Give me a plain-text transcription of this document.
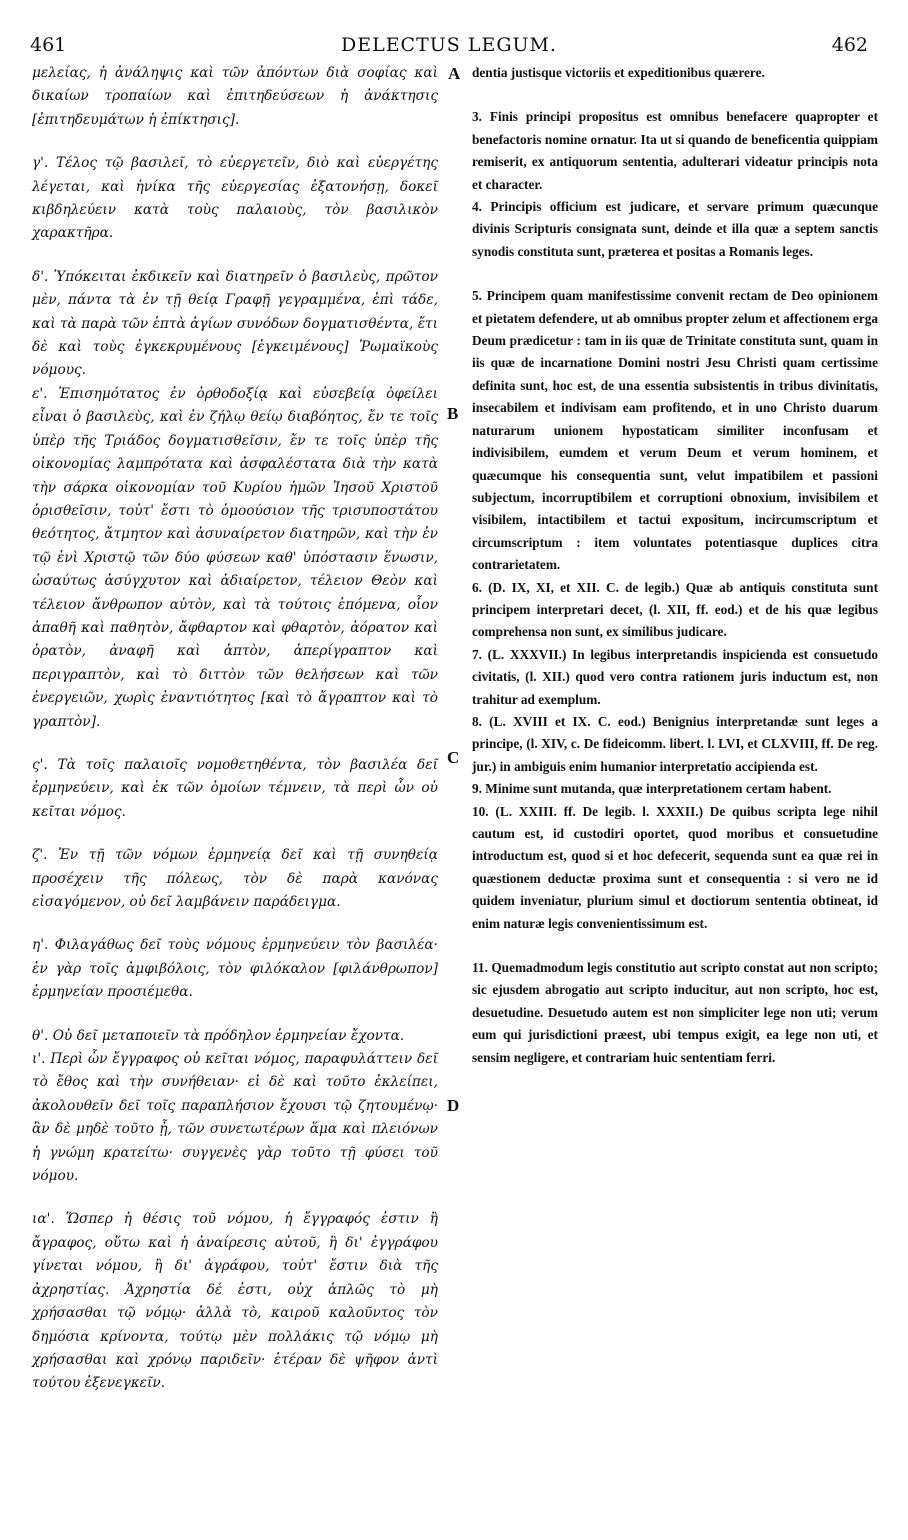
461	DELECTUS LEGUM.	462

μελείας, ἡ ἀνάληψις καὶ τῶν ἀπόντων διὰ σοφίας καὶ δικαίων τροπαίων καὶ ἐπιτηδεύσεων ἡ ἀνάκτησις [ἐπιτηδευμάτων ἡ ἐπίκτησις].

γ'. Τέλος τῷ βασιλεῖ, τὸ εὐεργετεῖν, διὸ καὶ εὐεργέτης λέγεται, καὶ ἡνίκα τῆς εὐεργεσίας ἐξατονήσῃ, δοκεῖ κιβδηλεύειν κατὰ τοὺς παλαιοὺς, τὸν βασιλικὸν χαρακτῆρα.

δ'. Ὑπόκειται ἐκδικεῖν καὶ διατηρεῖν ὁ βασιλεὺς, πρῶτον μὲν, πάντα τὰ ἐν τῇ θείᾳ Γραφῇ γεγραμμένα, ἐπὶ τάδε, καὶ τὰ παρὰ τῶν ἑπτὰ ἁγίων συνόδων δογματισθέντα, ἔτι δὲ καὶ τοὺς ἐγκεκρυμένους [ἐγκειμένους] Ῥωμαϊκοὺς νόμους.

ε'. Ἐπισημότατος ἐν ὀρθοδοξίᾳ καὶ εὐσεβείᾳ ὀφείλει εἶναι ὁ βασιλεὺς, καὶ ἐν ζήλῳ θείῳ διαβόητος, ἔν τε τοῖς ὑπὲρ τῆς Τριάδος δογματισθεῖσιν, ἔν τε τοῖς ὑπὲρ τῆς οἰκονομίας λαμπρότατα καὶ ἀσφαλέστατα διὰ τὴν κατὰ τὴν σάρκα οἰκονομίαν τοῦ Κυρίου ἡμῶν Ἰησοῦ Χριστοῦ ὁρισθεῖσιν, τοὐτ' ἔστι τὸ ὁμοούσιον τῆς τρισυποστάτου θεότητος, ἄτμητον καὶ ἀσυναίρετον διατηρῶν, καὶ τὴν ἐν τῷ ἑνὶ Χριστῷ τῶν δύο φύσεων καθ' ὑπόστασιν ἕνωσιν, ὡσαύτως ἀσύγχυτον καὶ ἀδιαίρετον, τέλειον Θεὸν καὶ τέλειον ἄνθρωπον αὐτὸν, καὶ τὰ τούτοις ἑπόμενα, οἷον ἀπαθῆ καὶ παθητὸν, ἄφθαρτον καὶ φθαρτὸν, ἀόρατον καὶ ὁρατὸν, ἀναφῆ καὶ ἁπτὸν, ἀπερίγραπτον καὶ περιγραπτὸν, καὶ τὸ διττὸν τῶν θελήσεων καὶ τῶν ἐνεργειῶν, χωρὶς ἐναντιότητος [καὶ τὸ ἄγραπτον καὶ τὸ γραπτὸν].

ς'. Τὰ τοῖς παλαιοῖς νομοθετηθέντα, τὸν βασιλέα δεῖ ἑρμηνεύειν, καὶ ἐκ τῶν ὁμοίων τέμνειν, τὰ περὶ ὧν οὐ κεῖται νόμος.

ζ'. Ἐν τῇ τῶν νόμων ἑρμηνείᾳ δεῖ καὶ τῇ συνηθείᾳ προσέχειν τῆς πόλεως, τὸν δὲ παρὰ κανόνας εἰσαγόμενον, οὐ δεῖ λαμβάνειν παράδειγμα.

η'. Φιλαγάθως δεῖ τοὺς νόμους ἑρμηνεύειν τὸν βασιλέα· ἐν γὰρ τοῖς ἀμφιβόλοις, τὸν φιλόκαλον [φιλάνθρωπον] ἑρμηνείαν προσιέμεθα.

θ'. Οὐ δεῖ μεταποιεῖν τὰ πρόδηλον ἑρμηνείαν ἔχοντα.

ι'. Περὶ ὧν ἔγγραφος οὐ κεῖται νόμος, παραφυλάττειν δεῖ τὸ ἔθος καὶ τὴν συνήθειαν· εἰ δὲ καὶ τοῦτο ἐκλείπει, ἀκολουθεῖν δεῖ τοῖς παραπλήσιον ἔχουσι τῷ ζητουμένῳ· ἂν δὲ μηδὲ τοῦτο ᾖ, τῶν συνετωτέρων ἅμα καὶ πλειόνων ἡ γνώμη κρατείτω· συγγενὲς γὰρ τοῦτο τῇ φύσει τοῦ νόμου.

ια'. Ὥσπερ ἡ θέσις τοῦ νόμου, ἡ ἔγγραφός ἐστιν ἢ ἄγραφος, οὕτω καὶ ἡ ἀναίρεσις αὐτοῦ, ἢ δι' ἐγγράφου γίνεται νόμου, ἢ δι' ἀγράφου, τοὐτ' ἔστιν διὰ τῆς ἀχρηστίας. Ἀχρηστία δέ ἐστι, οὐχ ἁπλῶς τὸ μὴ χρήσασθαι τῷ νόμῳ· ἀλλὰ τὸ, καιροῦ καλοῦντος τὸν δημόσια κρίνοντα, τούτῳ μὲν πολλάκις τῷ νόμῳ μὴ χρήσασθαι καὶ χρόνῳ παριδεῖν· ἑτέραν δὲ ψῆφον ἀντὶ τούτου ἐξενεγκεῖν.

A
B
C
D

dentia justisque victoriis et expeditionibus quærere.

3. Finis principi propositus est omnibus benefacere quapropter et benefactoris nomine ornatur. Ita ut si quando de beneficentia quippiam remiserit, ex antiquorum sententia, adulterari videatur principis nota et character.

4. Principis officium est judicare, et servare primum quæcunque divinis Scripturis consignata sunt, deinde et illa quæ a septem sanctis synodis constituta sunt, præterea et positas a Romanis leges.

5. Principem quam manifestissime convenit rectam de Deo opinionem et pietatem defendere, ut ab omnibus propter zelum et affectionem erga Deum prædicetur : tam in iis quæ de Trinitate constituta sunt, quam in iis quæ de incarnatione Domini nostri Jesu Christi quam certissime definita sunt, hoc est, de una essentia subsistentis in tribus divinitatis, insecabilem et indivisam eam profitendo, et in uno Christo duarum naturarum unionem hypostaticam similiter inconfusam et indivisibilem, eumdem et verum Deum et verum hominem, et quæcumque his consequentia sunt, velut impatibilem et passioni subjectum, incorruptibilem et corruptioni obnoxium, invisibilem et visibilem, intactibilem et tactui expositum, incircumscriptum et circumscriptum : item voluntates potentiasque duplices citra contrarietatem.

6. (D. IX, XI, et XII. C. de legib.) Quæ ab antiquis constituta sunt principem interpretari decet, (l. XII, ff. eod.) et de his quæ legibus comprehensa non sunt, ex similibus judicare.

7. (L. XXXVII.) In legibus interpretandis inspicienda est consuetudo civitatis, (l. XII.) quod vero contra rationem juris inductum est, non trahitur ad exemplum.

8. (L. XVIII et IX. C. eod.) Benignius interpretandæ sunt leges a principe, (l. XIV, c. De fideicomm. libert. l. LVI, et CLXVIII, ff. De reg. jur.) in ambiguis enim humanior interpretatio accipienda est.

9. Minime sunt mutanda, quæ interpretationem certam habent.

10. (L. XXIII. ff. De legib. l. XXXII.) De quibus scripta lege nihil cautum est, id custodiri oportet, quod moribus et consuetudine introductum est, quod si et hoc defecerit, sequenda sunt ea quæ rei in quæstionem deductæ proxima sunt et consequentia : si vero ne id quidem inveniatur, plurium simul et doctiorum sententia obtineat, id enim naturæ legis convenientissimum est.

11. Quemadmodum legis constitutio aut scripto constat aut non scripto; sic ejusdem abrogatio aut scripto inducitur, aut non scripto, hoc est, desuetudine. Desuetudo autem est non simpliciter lege non uti; verum eum qui jurisdictioni præest, ubi tempus exigit, ea lege non uti, et sensim negligere, et contrariam huic sententiam ferri.
